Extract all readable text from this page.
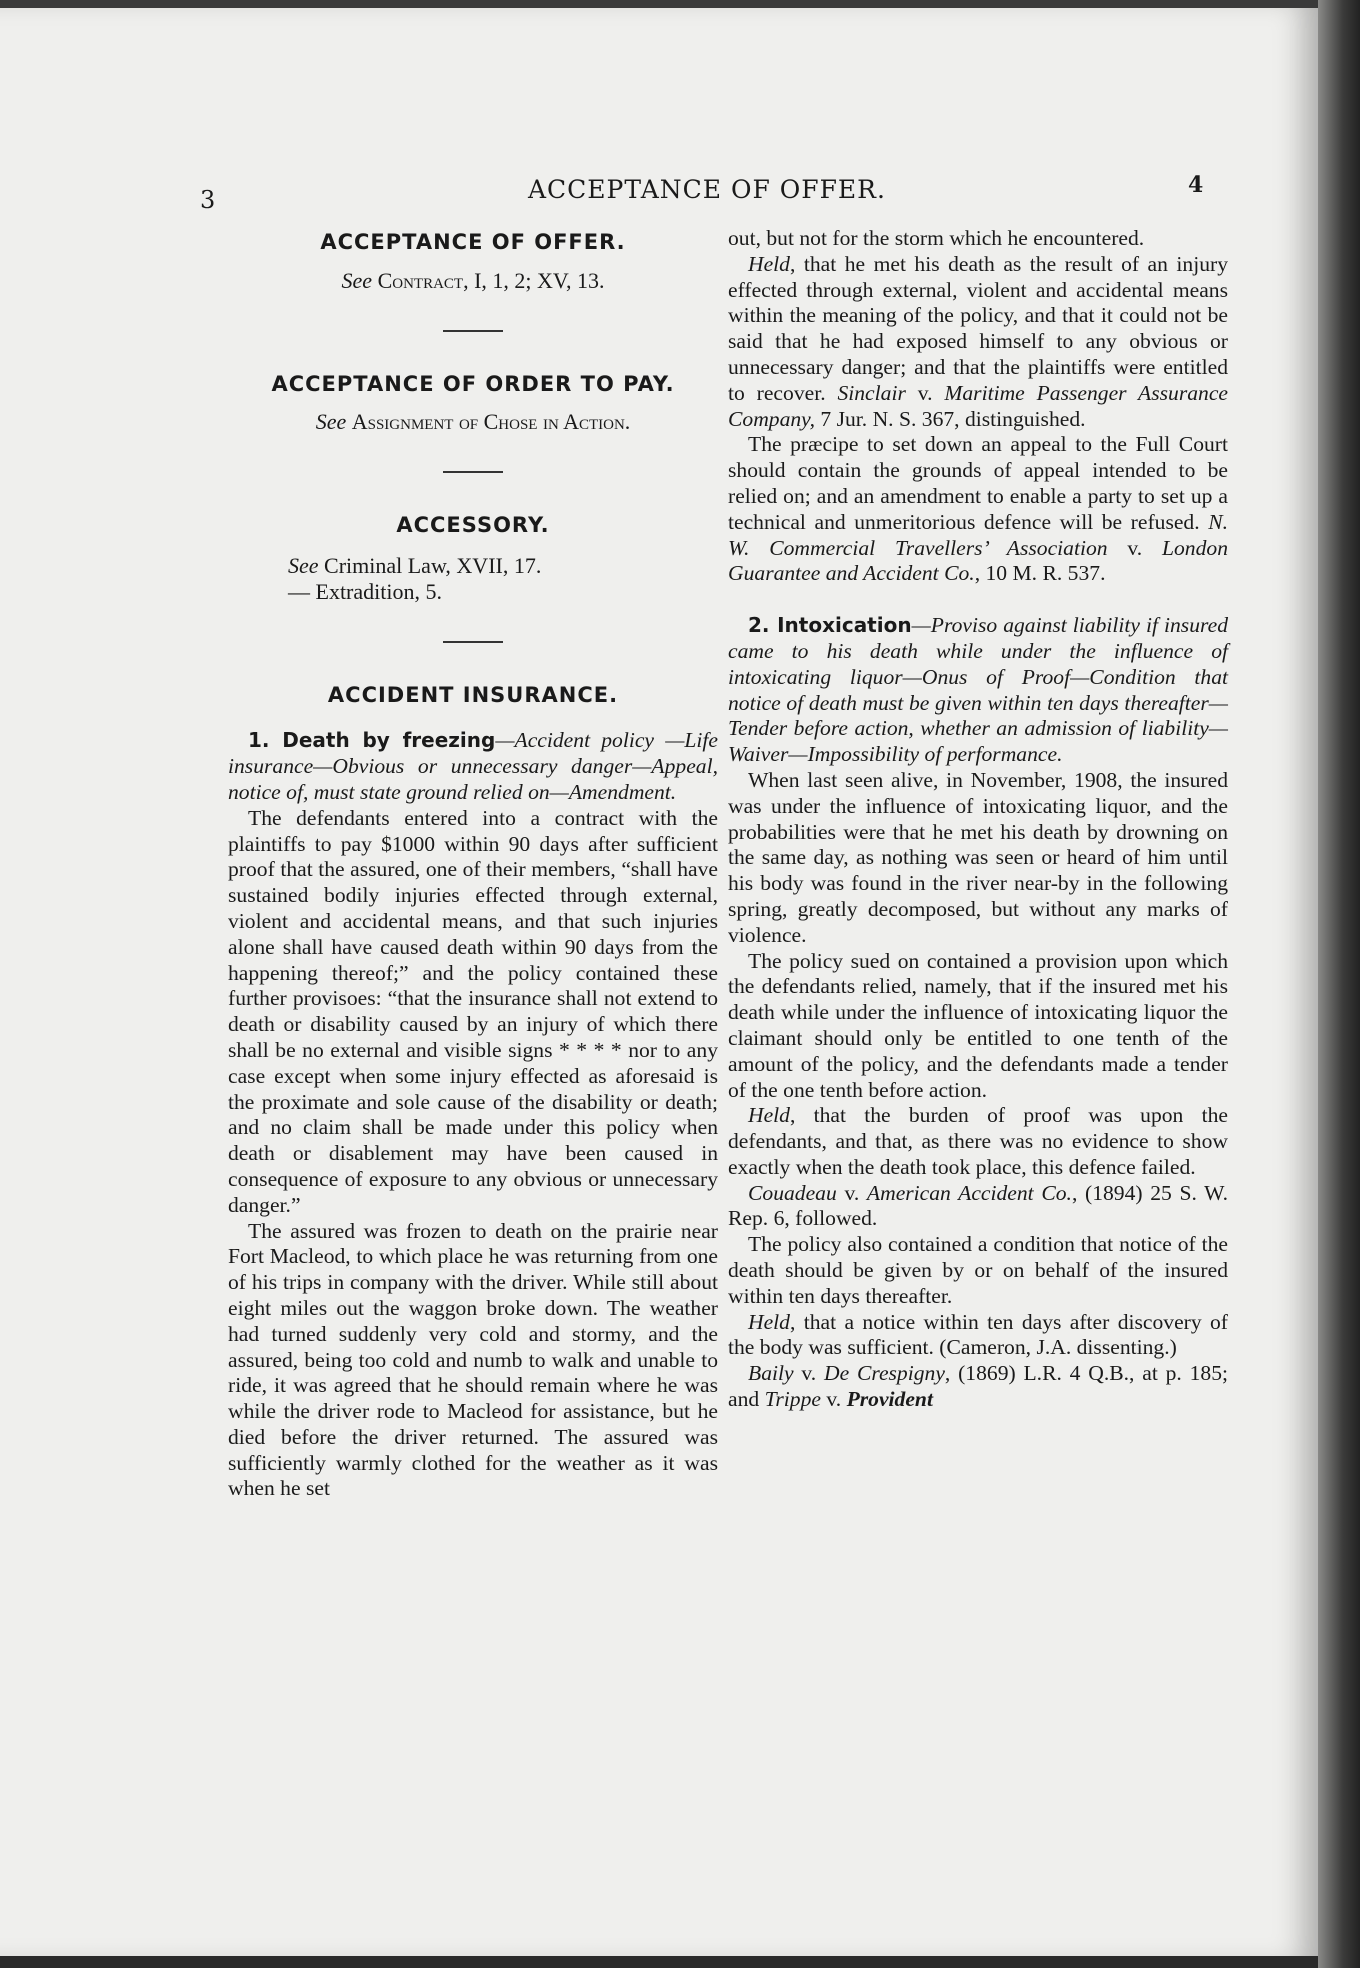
3	ACCEPTANCE OF OFFER.	4
ACCEPTANCE OF OFFER.

See Contract, I, 1, 2; XV, 13.

ACCEPTANCE OF ORDER TO PAY.

See Assignment of Chose in Action.

ACCESSORY.

See Criminal Law, XVII, 17.

— Extradition, 5.

ACCIDENT INSURANCE.

1. Death by freezing—Accident policy —Life insurance—Obvious or unnecessary danger—Appeal, notice of, must state ground relied on—Amendment.

The defendants entered into a contract with the plaintiffs to pay $1000 within 90 days after sufficient proof that the assured, one of their members, “shall have sustained bodily injuries effected through external, violent and accidental means, and that such injuries alone shall have caused death within 90 days from the happening thereof;” and the policy contained these further provisoes: “that the insurance shall not extend to death or disability caused by an injury of which there shall be no external and visible signs * * * * nor to any case except when some injury effected as aforesaid is the proximate and sole cause of the disability or death; and no claim shall be made under this policy when death or disablement may have been caused in consequence of exposure to any obvious or unnecessary danger.”

The assured was frozen to death on the prairie near Fort Macleod, to which place he was returning from one of his trips in company with the driver. While still about eight miles out the waggon broke down. The weather had turned suddenly very cold and stormy, and the assured, being too cold and numb to walk and unable to ride, it was agreed that he should remain where he was while the driver rode to Macleod for assistance, but he died before the driver returned. The assured was sufficiently warmly clothed for the weather as it was when he set

out, but not for the storm which he encountered.

Held, that he met his death as the result of an injury effected through external, violent and accidental means within the meaning of the policy, and that it could not be said that he had exposed himself to any obvious or unnecessary danger; and that the plaintiffs were entitled to recover. Sinclair v. Maritime Passenger Assurance Company, 7 Jur. N. S. 367, distinguished.

The præcipe to set down an appeal to the Full Court should contain the grounds of appeal intended to be relied on; and an amendment to enable a party to set up a technical and unmeritorious defence will be refused. N. W. Commercial Travellers’ Association v. London Guarantee and Accident Co., 10 M. R. 537.

2. Intoxication—Proviso against liability if insured came to his death while under the influence of intoxicating liquor—Onus of Proof—Condition that notice of death must be given within ten days thereafter—Tender before action, whether an admission of liability—Waiver—Impossibility of performance.

When last seen alive, in November, 1908, the insured was under the influence of intoxicating liquor, and the probabilities were that he met his death by drowning on the same day, as nothing was seen or heard of him until his body was found in the river near-by in the following spring, greatly decomposed, but without any marks of violence.

The policy sued on contained a provision upon which the defendants relied, namely, that if the insured met his death while under the influence of intoxicating liquor the claimant should only be entitled to one tenth of the amount of the policy, and the defendants made a tender of the one tenth before action.

Held, that the burden of proof was upon the defendants, and that, as there was no evidence to show exactly when the death took place, this defence failed.

Couadeau v. American Accident Co., (1894) 25 S. W. Rep. 6, followed.

The policy also contained a condition that notice of the death should be given by or on behalf of the insured within ten days thereafter.

Held, that a notice within ten days after discovery of the body was sufficient. (Cameron, J.A. dissenting.)

Baily v. De Crespigny, (1869) L.R. 4 Q.B., at p. 185; and Trippe v. Provident
